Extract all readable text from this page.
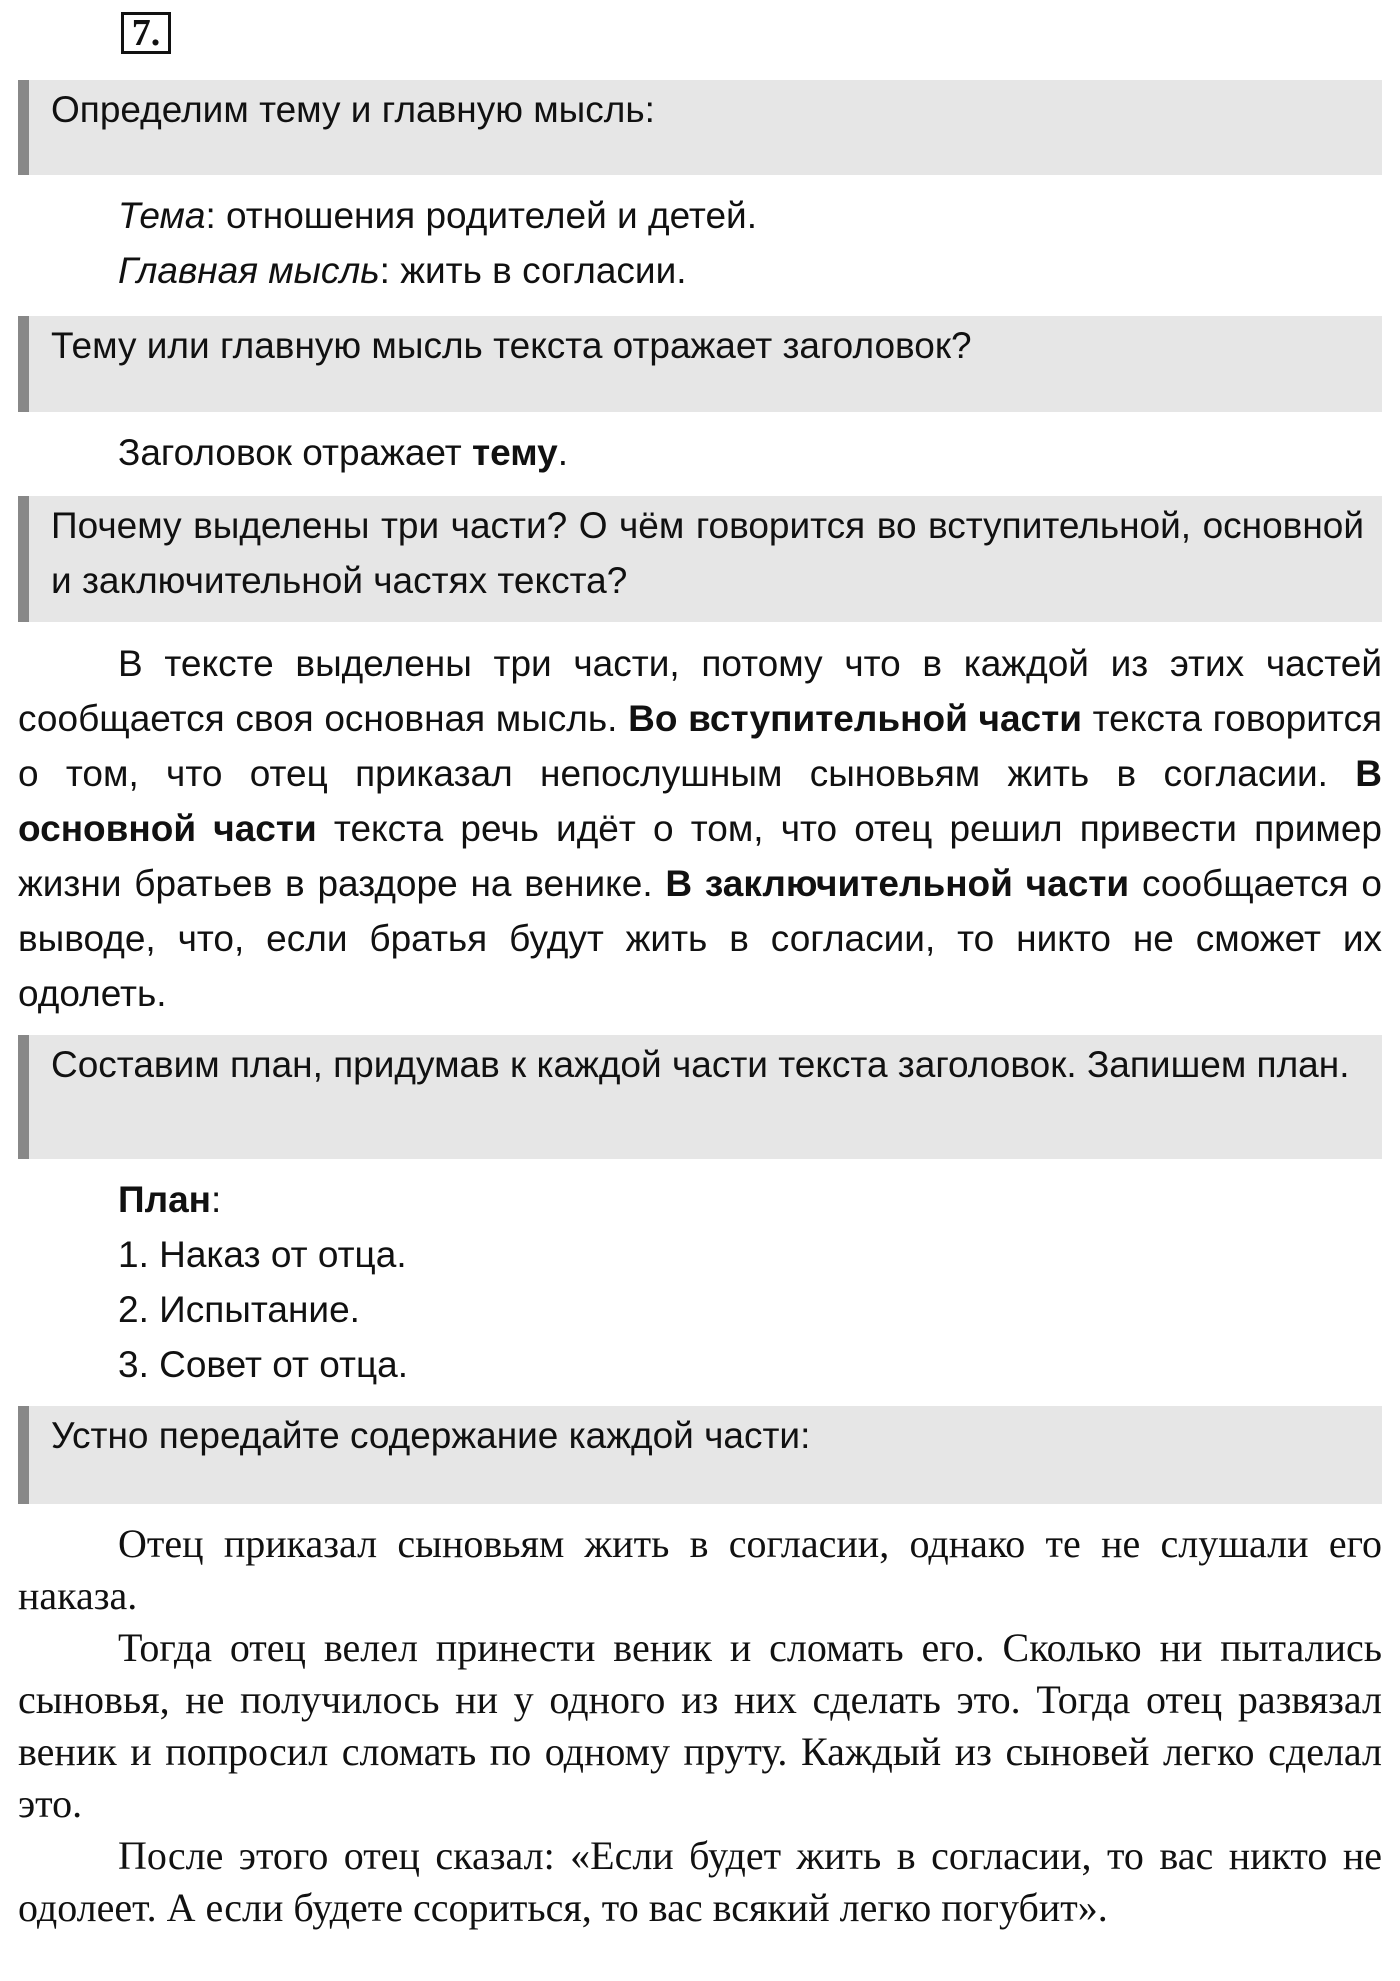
7.
Определим тему и главную мысль:
Тема: отношения родителей и детей.
Главная мысль: жить в согласии.
Тему или главную мысль текста отражает заголовок?
Заголовок отражает тему.
Почему выделены три части? О чём говорится во вступительной, основной и заключительной частях текста?
В тексте выделены три части, потому что в каждой из этих частей сообщается своя основная мысль. Во вступительной части текста говорится о том, что отец приказал непослушным сыновьям жить в согласии. В основной части текста речь идёт о том, что отец решил привести пример жизни братьев в раздоре на венике. В заключительной части сообщается о выводе, что, если братья будут жить в согласии, то никто не сможет их одолеть.
Составим план, придумав к каждой части текста заголовок. Запишем план.
План:
1. Наказ от отца.
2. Испытание.
3. Совет от отца.
Устно передайте содержание каждой части:

Отец приказал сыновьям жить в согласии, однако те не слушали его наказа.

Тогда отец велел принести веник и сломать его. Сколько ни пытались сыновья, не получилось ни у одного из них сделать это. Тогда отец развязал веник и попросил сломать по одному пруту. Каждый из сыновей легко сделал это.

После этого отец сказал: «Если будет жить в согласии, то вас никто не одолеет. А если будете ссориться, то вас всякий легко погубит».
